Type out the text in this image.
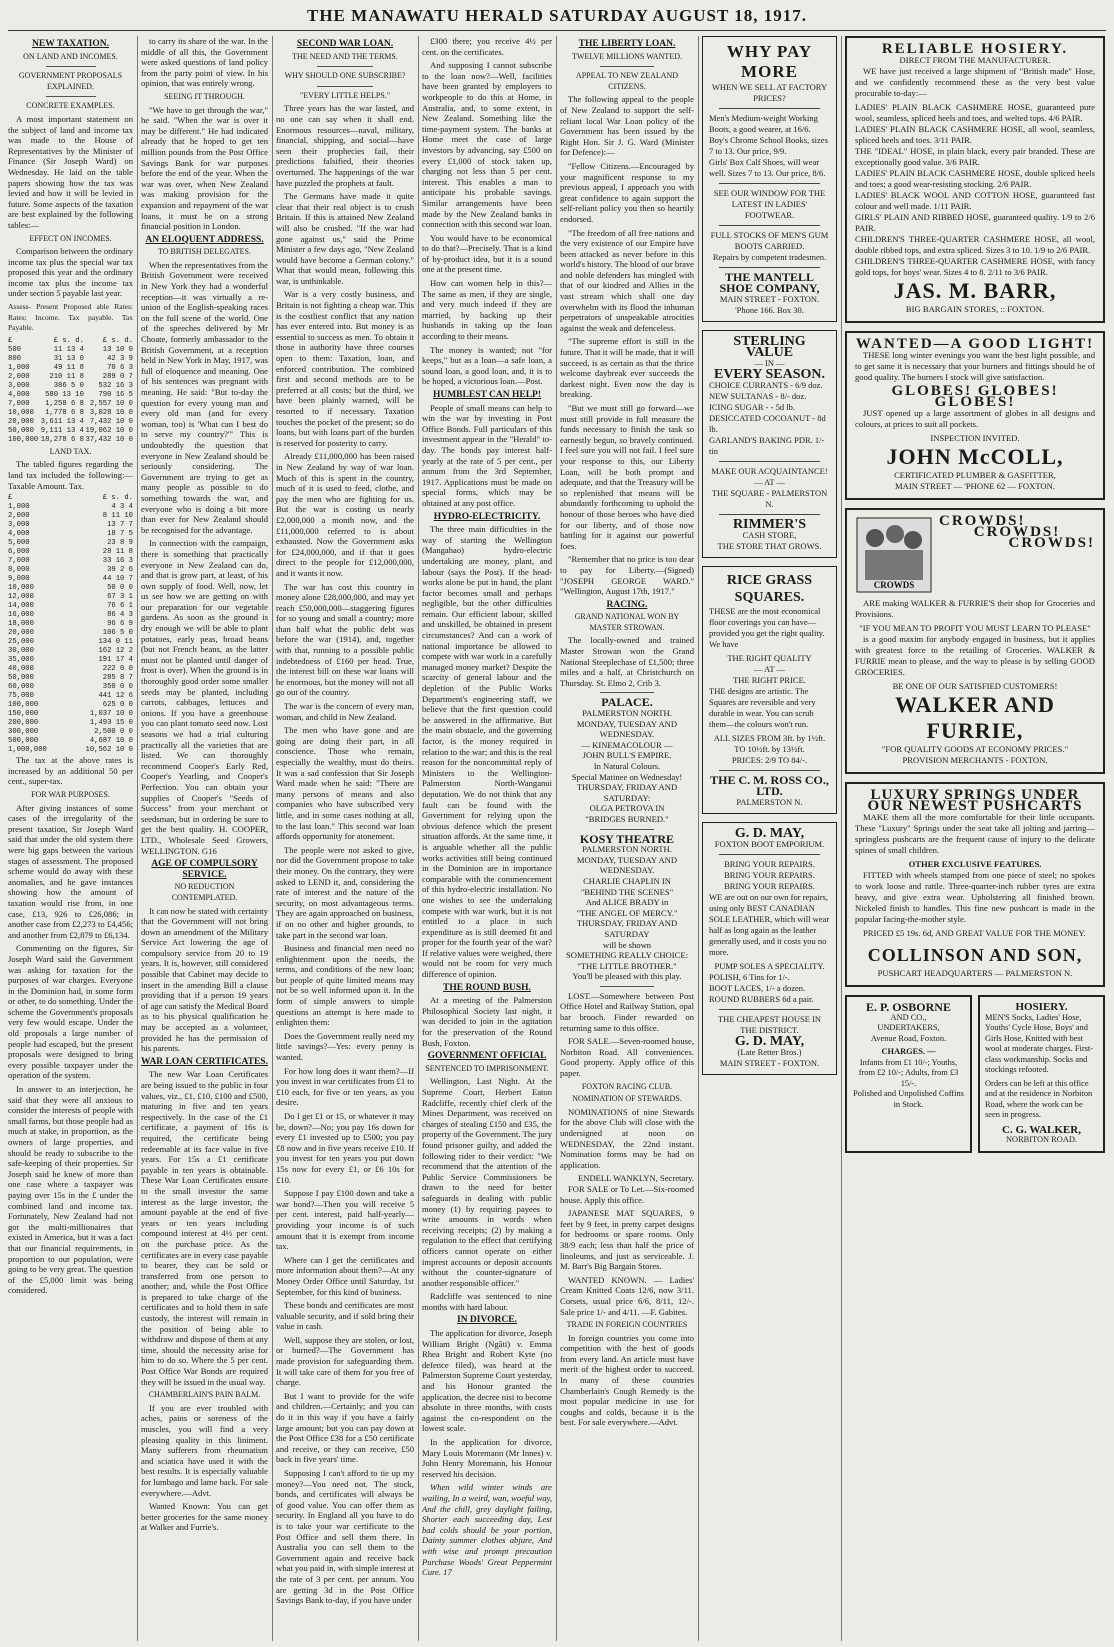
THE MANAWATU HERALD SATURDAY AUGUST 18, 1917.
NEW TAXATION.
ON LAND AND INCOMES.
GOVERNMENT PROPOSALS EXPLAINED.
CONCRETE EXAMPLES.

A most important statement on the subject of land and income tax was made to the House of Representatives by the Minister of Finance (Sir Joseph Ward) on Wednesday. He laid on the table papers showing how the tax was levied and how it will be levied in future. Some aspects of the taxation are best explained by the following tables:—

EFFECT ON INCOMES.

Comparison between the ordinary income tax plus the special war tax proposed this year and the ordinary income tax plus the income tax under section 5 payable last year.

Assess- Present Proposed able Rates: Rates: Income. Tax payable. Tax Payable.

£	£ s. d.	£ s. d.
500	11 13 4	13 10 0
800	31 13 0	42 3 9
1,000	49 11 8	70 6 3
2,000	210 11 8	289 0 7
3,000	386 5 0	532 16 3
4,000	580 13 10	790 16 5
7,000	1,258 6 8	2,557 10 0
10,000	1,778 6 8	3,028 10 0
20,000	3,611 13 4	7,432 10 0
50,000	9,111 13 4	19,062 10 0
100,000	18,278 6 8	37,432 10 0
LAND TAX.

The tabled figures regarding the land tax included the following:— Taxable Amount. Tax.

£	£ s. d.
1,000	4 3 4
2,000	8 11 10
3,000	13 7 7
4,000	18 7 5
5,000	23 8 9
6,000	28 11 8
7,000	33 16 3
8,000	39 2 6
9,000	44 10 7
10,000	50 0 0
12,000	67 3 1
14,000	76 6 1
16,000	86 4 3
18,000	96 6 9
20,000	106 5 0
25,000	134 0 11
30,000	162 12 2
35,000	191 17 4
40,000	222 0 0
50,000	285 8 7
60,000	350 0 0
75,000	441 12 6
100,000	625 0 0
150,000	1,037 10 0
200,000	1,493 15 0
300,000	2,500 0 0
500,000	4,687 10 0
1,000,000	10,562 10 0

The tax at the above rates is increased by an additional 50 per cent., super-tax.

FOR WAR PURPOSES.

After giving instances of some cases of the irregularity of the present taxation, Sir Joseph Ward said that under the old system there were big gaps between the various stages of assessment. The proposed scheme would do away with these anomalies, and he gave instances showing how the amount of taxation would rise from, in one case, £13, 926 to £26,086; in another case from £2,273 to £4,456; and another from £2,879 to £6,134.

Commenting on the figures, Sir Joseph Ward said the Government was asking for taxation for the purposes of war charges. Everyone in the Dominion had, in some form or other, to do something. Under the scheme the Government's proposals very few would escape. Under the old proposals a large number of people had escaped, but the present proposals were designed to bring every possible taxpayer under the operation of the system.

In answer to an interjection, he said that they were all anxious to consider the interests of people with small farms, but those people had as much at stake, in proportion, as the owners of large properties, and should be ready to subscribe to the safe-keeping of their properties. Sir Joseph said he knew of more than one case where a taxpayer was paying over 15s in the £ under the combined land and income tax. Fortunately, New Zealand had not got the multi-millionaires that existed in America, but it was a fact that our financial requirements, in proportion to our population, were going to be very great. The question of the £5,000 limit was being considered.

to carry its share of the war. In the middle of all this, the Government were asked questions of land policy from the party point of view. In his opinion, that was entirely wrong.

SEEING IT THROUGH.

"We have to get through the war," he said. "When the war is over it may be different." He had indicated already that he hoped to get ten million pounds from the Post Office Savings Bank for war purposes before the end of the year. When the war was over, when New Zealand was making provision for the expansion and repayment of the war loans, it must be on a strong financial position in London.

AN ELOQUENT ADDRESS.
TO BRITISH DELEGATES.

When the representatives from the British Government were received in New York they had a wonderful reception—it was virtually a re-union of the English-speaking races on the full scene of the world. One of the speeches delivered by Mr Choate, formerly ambassador to the British Government, at a reception held in New York in May, 1917, was full of eloquence and meaning. One of his sentences was pregnant with meaning. He said: "But to-day the question for every young man and every old man (and for every woman, too) is 'What can I best do to serve my country?'" This is undoubtedly the question that everyone in New Zealand should be seriously considering. The Government are trying to get as many people as possible to do something towards the war, and everyone who is doing a bit more than ever for New Zealand should be recognised for the advantage.

In connection with the campaign, there is something that practically everyone in New Zealand can do, and that is grow part, at least, of his own supply of food. Well, now, let us see how we are getting on with our preparation for our vegetable gardens. As soon as the ground is dry enough we will be able to plant potatoes, early peas, broad beans (but not French beans, as the latter must not be planted until danger of frost is over). When the ground is in thoroughly good order some smaller seeds may be planted, including carrots, cabbages, lettuces and onions. If you have a greenhouse you can plant tomato seed now. Lost seasons we had a trial culturing practically all the varieties that are listed. We can thoroughly recommend Cooper's Early Red, Cooper's Yearling, and Cooper's Perfection. You can obtain your supplies of Cooper's "Seeds of Success" from your merchant or seedsman, but in ordering be sure to get the best quality. H. COOPER, LTD., Wholesale Seed Growers, WELLINGTON. G16

AGE OF COMPULSORY SERVICE.
NO REDUCTION CONTEMPLATED.

It can now be stated with certainty that the Government will not bring down an amendment of the Military Service Act lowering the age of compulsory service from 20 to 19 years. It is, however, still considered possible that Cabinet may decide to insert in the amending Bill a clause providing that if a person 19 years of age can satisfy the Medical Board as to his physical qualification he may be accepted as a volunteer, provided he has the permission of his parents.

WAR LOAN CERTIFICATES.

The new War Loan Certificates are being issued to the public in four values, viz., £1, £10, £100 and £500, maturing in five and ten years respectively. In the case of the £1 certificate, a payment of 16s is required, the certificate being redeemable at its face value in five years. For 15s a £1 certificate payable in ten years is obtainable. These War Loan Certificates ensure to the small investor the same interest as the large investor, the amount payable at the end of five years or ten years including compound interest at 4½ per cent. on the purchase price. As the certificates are in every case payable to bearer, they can be sold or transferred from one person to another; and, while the Post Office is prepared to take charge of the certificates and to hold them in safe custody, the interest will remain in the position of being able to withdraw and dispose of them at any time, should the necessity arise for him to do so. Where the 5 per cent. Post Office War Bonds are required they will be issued in the usual way.

CHAMBERLAIN'S PAIN BALM.

If you are ever troubled with aches, pains or soreness of the muscles, you will find a very pleasing quality in this liniment. Many sufferers from rheumatism and sciatica have used it with the best results. It is especially valuable for lumbago and lame back. For sale everywhere.—Advt.

Wanted Known: You can get better groceries for the same money at Walker and Furrie's.

SECOND WAR LOAN.
THE NEED AND THE TERMS.
WHY SHOULD ONE SUBSCRIBE?
"EVERY LITTLE HELPS."

Three years has the war lasted, and no one can say when it shall end. Enormous resources—naval, military, financial, shipping, and social—have seen their prophecies fail, their predictions falsified, their theories overturned. The happenings of the war have puzzled the prophets at fault.

The Germans have made it quite clear that their real object is to crush Britain. If this is attained New Zealand will also be crushed. "If the war had gone against us," said the Prime Minister a few days ago, "New Zealand would have become a German colony." What that would mean, following this war, is unthinkable.

War is a very costly business, and Britain is not fighting a cheap war. This is the costliest conflict that any nation has ever entered into. But money is as essential to success as men. To obtain it those in authority have three courses open to them: Taxation, loan, and enforced contribution. The combined first and second methods are to be preferred at all costs; but the third, we have been plainly warned, will be resorted to if necessary. Taxation touches the pocket of the present; so do loans, but with loans part of the burden is reserved for posterity to carry.

Already £11,000,000 has been raised in New Zealand by way of war loan. Much of this is spent in the country, much of it is used to feed, clothe, and pay the men who are fighting for us. But the war is costing us nearly £2,000,000 a month now, and the £11,000,000 referred to is about exhausted. Now the Government asks for £24,000,000, and if that it goes direct to the people for £12,000,000, and it wants it now.

The war has cost this country in money alone £28,000,000, and may yet reach £50,000,000—staggering figures for so young and small a country; more than half what the public debt was before the war (1914), and, together with that, running to a possible public indebtedness of £160 per head. True, the interest bill on these war loans will be enormous, but the money will not all go out of the country.

The war is the concern of every man, woman, and child in New Zealand.

The men who have gone and are going are doing their part, in all conscience. Those who remain, especially the wealthy, must do theirs. It was a sad confession that Sir Joseph Ward made when he said: "There are many persons of means and also companies who have subscribed very little, and in some cases nothing at all, to the last loan." This second war loan affords opportunity for atonement.

The people were not asked to give, nor did the Government propose to take their money. On the contrary, they were asked to LEND it, and, considering the rate of interest and the nature of the security, on most advantageous terms. They are again approached on business, if on no other and higher grounds, to take part in the second war loan.

Business and financial men need no enlightenment upon the needs, the terms, and conditions of the new loan; but people of quite limited means may not be so well informed upon it. In the form of simple answers to simple questions an attempt is here made to enlighten them:

Does the Government really need my little savings?—Yes: every penny is wanted.

For how long does it want them?—If you invest in war certificates from £1 to £10 each, for five or ten years, as you desire.

Do I get £1 or 15, or whatever it may be, down?—No; you pay 16s down for every £1 invested up to £500; you pay £8 now and in five years receive £10. If you invest for ten years you put down 15s now for every £1, or £6 10s for £10.

Suppose I pay £100 down and take a war bond?—Then you will receive 5 per cent. interest, paid half-yearly—providing your income is of such amount that it is exempt from income tax.

Where can I get the certificates and more information about them?—At any Money Order Office until Saturday, 1st September, for this kind of business.

These bonds and certificates are most valuable security, and if sold bring their value in cash.

Well, suppose they are stolen, or lost, or burned?—The Government has made provision for safeguarding them. It will take care of them for you free of charge.

But I want to provide for the wife and children.—Certainly; and you can do it in this way if you have a fairly large amount; but you can pay down at the Post Office £38 for a £50 certificate and receive, or they can receive, £50 back in five years' time.

Supposing I can't afford to tie up my money?—You need not. The stock, bonds, and certificates will always be of good value. You can offer them as security. In England all you have to do is to take your war certificate to the Post Office and sell them there. In Australia you can sell them to the Government again and receive back what you paid in, with simple interest at the rate of 3 per cent. per annum. You are getting 3d in the Post Office Savings Bank to-day, if you have under

£300 there; you receive 4½ per cent. on the certificates.

And supposing I cannot subscribe to the loan now?—Well, facilities have been granted by employers to workpeople to do this at Home, in Australia, and, to some extent, in New Zealand. Something like the time-payment system. The banks at Home meet the case of large investors by advancing, say £500 on every £1,000 of stock taken up, charging not less than 5 per cent. interest. This enables a man to anticipate his probable savings. Similar arrangements have been made by the New Zealand banks in connection with this second war loan.

You would have to be economical to do that?—Precisely. That is a kind of by-product idea, but it is a sound one at the present time.

How can women help in this?—The same as men, if they are single, and very much indeed if they are married, by backing up their husbands in taking up the loan according to their means.

The money is wanted; not "for keeps," but as a loan—a safe loan, a sound loan, a good loan, and, it is to be hoped, a victorious loan.—Post.

HUMBLEST CAN HELP!

People of small means can help to win the war by investing in Post Office Bonds. Full particulars of this investment appear in the "Herald" to-day. The bonds pay interest half-yearly at the rate of 5 per cent., per annum from the 3rd September, 1917. Applications must be made on special forms, which may be obtained at any post office.

HYDRO-ELECTRICITY.

The three main difficulties in the way of starting the Wellington (Mangahao) hydro-electric undertaking are money, plant, and labour (says the Post). If the head-works alone be put in hand, the plant factor becomes small and perhaps negligible, but the other difficulties remain. Our efficient labour, skilled and unskilled, be obtained in present circumstances? And can a work of national importance be allowed to compete with war work in a carefully managed money market? Despite the scarcity of general labour and the depletion of the Public Works Department's engineering staff, we believe that the first question could be answered in the affirmative. But the main obstacle, and the governing factor, is the money required in relation to the war; and this is the real reason for the noncommittal reply of Ministers to the Wellington-Palmerston North-Wanganui deputation. We do not think that any fault can be found with the Government for relying upon the obvious defence which the present situation affords. At the same time, it is arguable whether all the public works activities still being continued in the Dominion are in importance comparable with the commencement of this hydro-electric installation. No one wishes to see the undertaking compete with war work, but it is not entitled to a place in such expenditure as is still deemed fit and proper for the fourth year of the war? If relative values were weighed, there would not be room for very much difference of opinion.

THE ROUND BUSH.

At a meeting of the Palmerston Philosophical Society last night, it was decided to join in the agitation for the preservation of the Round Bush, Foxton.

GOVERNMENT OFFICIAL
SENTENCED TO IMPRISONMENT.

Wellington, Last Night. At the Supreme Court, Herbert Eaton Radcliffe, recently chief clerk of the Mines Department, was received on charges of stealing £150 and £35, the property of the Government. The jury found prisoner guilty, and added the following rider to their verdict: "We recommend that the attention of the Public Service Commissioners be drawn to the need for better safeguards in dealing with public money (1) by requiring payees to write amounts in words when receiving receipts; (2) by making a regulation to the effect that certifying officers cannot operate on either imprest accounts or deposit accounts without the counter-signature of another responsible officer."

Radcliffe was sentenced to nine months with hard labour.

IN DIVORCE.

The application for divorce, Joseph William Bright (Ngāti) v. Emma Rhea Bright and Robert Kyte (no defence filed), was heard at the Palmerston Supreme Court yesterday, and his Honour granted the application, the decree nisi to become absolute in three months, with costs against the co-respondent on the lowest scale.

In the application for divorce, Mary Louis Moremann (Mr Innes) v. John Henry Moremann, his Honour reserved his decision.

When wild winter winds are wailing, In a weird, wan, woeful way, And the chill, grey daylight failing, Shorter each succeeding day, Lest bad colds should be your portion, Dainty summer clothes abjure, And with wise and prompt precaution Purchase Woods' Great Peppermint Cure. 17

THE LIBERTY LOAN.
TWELVE MILLIONS WANTED.
APPEAL TO NEW ZEALAND CITIZENS.

The following appeal to the people of New Zealand to support the self-reliant local War Loan policy of the Government has been issued by the Right Hon. Sir J. G. Ward (Minister for Defence):—

"Fellow Citizens.—Encouraged by your magnificent response to my previous appeal, I approach you with great confidence to again support the self-reliant policy you then so heartily endorsed.

"The freedom of all free nations and the very existence of our Empire have been attacked as never before in this world's history. The blood of our brave and noble defenders has mingled with that of our kindred and Allies in the vast stream which shall one day overwhelm with its flood the inhuman perpetrators of unspeakable atrocities against the weak and defenceless.

"The supreme effort is still in the future. That it will be made, that it will succeed, is as certain as that the thrice welcome daybreak ever succeeds the darkest night. Even now the day is breaking.

"But we must still go forward—we must still provide in full measure the funds necessary to finish the task so earnestly begun, so bravely continued. I feel sure you will not fail. I feel sure your response to this, our Liberty Loan, will be both prompt and adequate, and that the Treasury will be so replenished that means will be abundantly forthcoming to uphold the honour of those heroes who have died for our liberty, and of those now battling for it against our powerful foes.

"Remember that no price is too dear to pay for Liberty.—(Signed) "JOSEPH GEORGE WARD." "Wellington, August 17th, 1917."

RACING.
GRAND NATIONAL WON BY MASTER STROWAN.

The locally-owned and trained Master Strowan won the Grand National Steeplechase of £1,500; three miles and a half, at Christchurch on Thursday. St. Elmo 2, Crib 3.

PALACE.
PALMERSTON NORTH.
MONDAY, TUESDAY AND WEDNESDAY.
— KINEMACOLOUR —
JOHN BULL'S EMPIRE.
In Natural Colours.
Special Matinee on Wednesday!
THURSDAY, FRIDAY AND SATURDAY:
OLGA PETROVA IN
"BRIDGES BURNED."
KOSY THEATRE
PALMERSTON NORTH.
MONDAY, TUESDAY AND WEDNESDAY.
CHARLIE CHAPLIN IN
"BEHIND THE SCENES"
And ALICE BRADY in
"THE ANGEL OF MERCY."
THURSDAY, FRIDAY AND SATURDAY
will be shown
SOMETHING REALLY CHOICE:
"THE LITTLE BROTHER."
You'll be pleased with this play.

LOST.—Somewhere between Post Office Hotel and Railway Station, opal bar brooch. Finder rewarded on returning same to this office.

FOR SALE.—Seven-roomed house, Norbiton Road. All conveniences. Good property. Apply office of this paper.

FOXTON RACING CLUB.
NOMINATION OF STEWARDS.

NOMINATIONS of nine Stewards for the above Club will close with the undersigned at noon on WEDNESDAY, the 22nd instant. Nomination forms may be had on application.

ENDELL WANKLYN, Secretary.

FOR SALE or To Let.—Six-roomed house. Apply this office.

JAPANESE MAT SQUARES, 9 feet by 9 feet, in pretty carpet designs for bedrooms or spare rooms. Only 38/9 each; less than half the price of linoleums, and just as serviceable. J. M. Barr's Big Bargain Stores.

WANTED KNOWN. — Ladies' Cream Knitted Coats 12/6, now 3/11. Corsets, usual price 6/6, 8/11, 12/-. Sale price 1/- and 4/11. —F. Gabites.

TRADE IN FOREIGN COUNTRIES

In foreign countries you come into competition with the best of goods from every land. An article must have merit of the highest order to succeed. In many of these countries Chamberlain's Cough Remedy is the most popular medicine in use for coughs and colds, because it is the best. For sale everywhere.—Advt.

WHY PAY MORE
WHEN WE SELL AT FACTORY PRICES?
Men's Medium-weight Working Boots, a good wearer, at 16/6.
Boy's Chrome School Books, sizes 7 to 13. Our price, 9/9.
Girls' Box Calf Shoes, will wear well. Sizes 7 to 13. Our price, 8/6.
SEE OUR WINDOW FOR THE LATEST IN LADIES' FOOTWEAR.
FULL STOCKS OF MEN'S GUM BOOTS CARRIED.
Repairs by competent tradesmen.
THE MANTELL SHOE COMPANY,
MAIN STREET - FOXTON.
'Phone 166. Box 30.
STERLING VALUE
— IN —
EVERY SEASON.
CHOICE CURRANTS - 6/9 doz.
NEW SULTANAS - 8/- doz.
ICING SUGAR - - 5d lb.
DESICCATED COCOANUT - 8d lb.
GARLAND'S BAKING PDR. 1/- tin
MAKE OUR ACQUAINTANCE!
— AT —
THE SQUARE - PALMERSTON N.
RIMMER'S
CASH STORE,
THE STORE THAT GROWS.
RICE GRASS SQUARES.

THESE are the most economical floor coverings you can have—provided you get the right quality. We have

THE RIGHT QUALITY
— AT —
THE RIGHT PRICE.

THE designs are artistic. The Squares are reversible and very durable in wear. You can scrub them—the colours won't run.

ALL SIZES FROM 3ft. by 1½ft. TO 10½ft. by 13½ft.
PRICES: 2/9 TO 84/-.
THE C. M. ROSS CO., LTD.
PALMERSTON N.
G. D. MAY,
FOXTON BOOT EMPORIUM.
BRING YOUR REPAIRS.
BRING YOUR REPAIRS.
BRING YOUR REPAIRS.

WE are out on our own for repairs, using only BEST CANADIAN SOLE LEATHER, which will wear half as long again as the leather generally used, and it costs you no more.

PUMP SOLES A SPECIALITY.
POLISH, 6 Tins for 1/-.
BOOT LACES, 1/- a dozen.
ROUND RUBBERS 6d a pair.
THE CHEAPEST HOUSE IN THE DISTRICT.
G. D. MAY,
(Late Retter Bros.)
MAIN STREET - FOXTON.
RELIABLE HOSIERY.
DIRECT FROM THE MANUFACTURER.

WE have just received a large shipment of "British made" Hose, and we confidently recommend these as the very best value procurable to-day:—

LADIES' PLAIN BLACK CASHMERE HOSE, guaranteed pure wool, seamless, spliced heels and toes, and welted tops. 4/6 PAIR.
LADIES' PLAIN BLACK CASHMERE HOSE, all wool, seamless, spliced heels and toes. 3/11 PAIR.
THE "IDEAL" HOSE, in plain black, every pair branded. These are exceptionally good value. 3/6 PAIR.
LADIES' PLAIN BLACK CASHMERE HOSE, double spliced heels and toes; a good wear-resisting stocking. 2/6 PAIR.
LADIES' BLACK WOOL AND COTTON HOSE, guaranteed fast colour and well made. 1/11 PAIR.
GIRLS' PLAIN AND RIBBED HOSE, guaranteed quality. 1/9 to 2/6 PAIR.
CHILDREN'S THREE-QUARTER CASHMERE HOSE, all wool, double ribbed tops, and extra spliced. Sizes 3 to 10. 1/9 to 2/6 PAIR.
CHILDREN'S THREE-QUARTER CASHMERE HOSE, with fancy gold tops, for boys' wear. Sizes 4 to 8. 2/11 to 3/6 PAIR.
JAS. M. BARR,
BIG BARGAIN STORES, :: FOXTON.
WANTED—A GOOD LIGHT!

THESE long winter evenings you want the best light possible, and to get same it is necessary that your burners and fittings should be of good quality. The burners I stock will give satisfaction.

GLOBES! GLOBES! GLOBES!

JUST opened up a large assortment of globes in all designs and colours, at prices to suit all pockets.

INSPECTION INVITED.
JOHN McCOLL,
CERTIFICATED PLUMBER & GASFITTER,
MAIN STREET — 'PHONE 62 — FOXTON.
CROWDS
CROWDS!
CROWDS!
CROWDS!

ARE making WALKER & FURRIE'S their shop for Groceries and Provisions.

"IF YOU MEAN TO PROFIT YOU MUST LEARN TO PLEASE"

is a good maxim for anybody engaged in business, but it applies with greatest force to the retailing of Groceries. WALKER & FURRIE mean to please, and the way to please is by selling GOOD GROCERIES.

BE ONE OF OUR SATISFIED CUSTOMERS!
WALKER AND FURRIE,
"FOR QUALITY GOODS AT ECONOMY PRICES."
PROVISION MERCHANTS - FOXTON.
LUXURY SPRINGS UNDER OUR NEWEST PUSHCARTS

MAKE them all the more comfortable for their little occupants. These "Luxury" Springs under the seat take all jolting and jarring—springless pushcarts are the frequent cause of injury to the delicate spines of small children.

OTHER EXCLUSIVE FEATURES.

FITTED with wheels stamped from one piece of steel; no spokes to work loose and rattle. Three-quarter-inch rubber tyres are extra heavy, and give extra wear. Upholstering all finished brown. Nickeled finish to handles. This fine new pushcart is made in the popular facing-the-mother style.

PRICED £5 19s. 6d, AND GREAT VALUE FOR THE MONEY.

COLLINSON AND SON,
PUSHCART HEADQUARTERS — PALMERSTON N.
E. P. OSBORNE
AND CO.,
UNDERTAKERS,
Avenue Road, Foxton.
CHARGES. —
Infants from £1 10/-; Youths, from £2 10/-; Adults, from £3 15/-.
Polished and Unpolished Coffins in Stock.
HOSIERY.
MEN'S Socks, Ladies' Hose, Youths' Cycle Hose, Boys' and Girls Hose, Knitted with best wool at moderate charges. First-class workmanship. Socks and stockings refooted.
Orders can be left at this office and at the residence in Norbiton Road, where the work can be seen in progress.
C. G. WALKER,
NORBITON ROAD.
